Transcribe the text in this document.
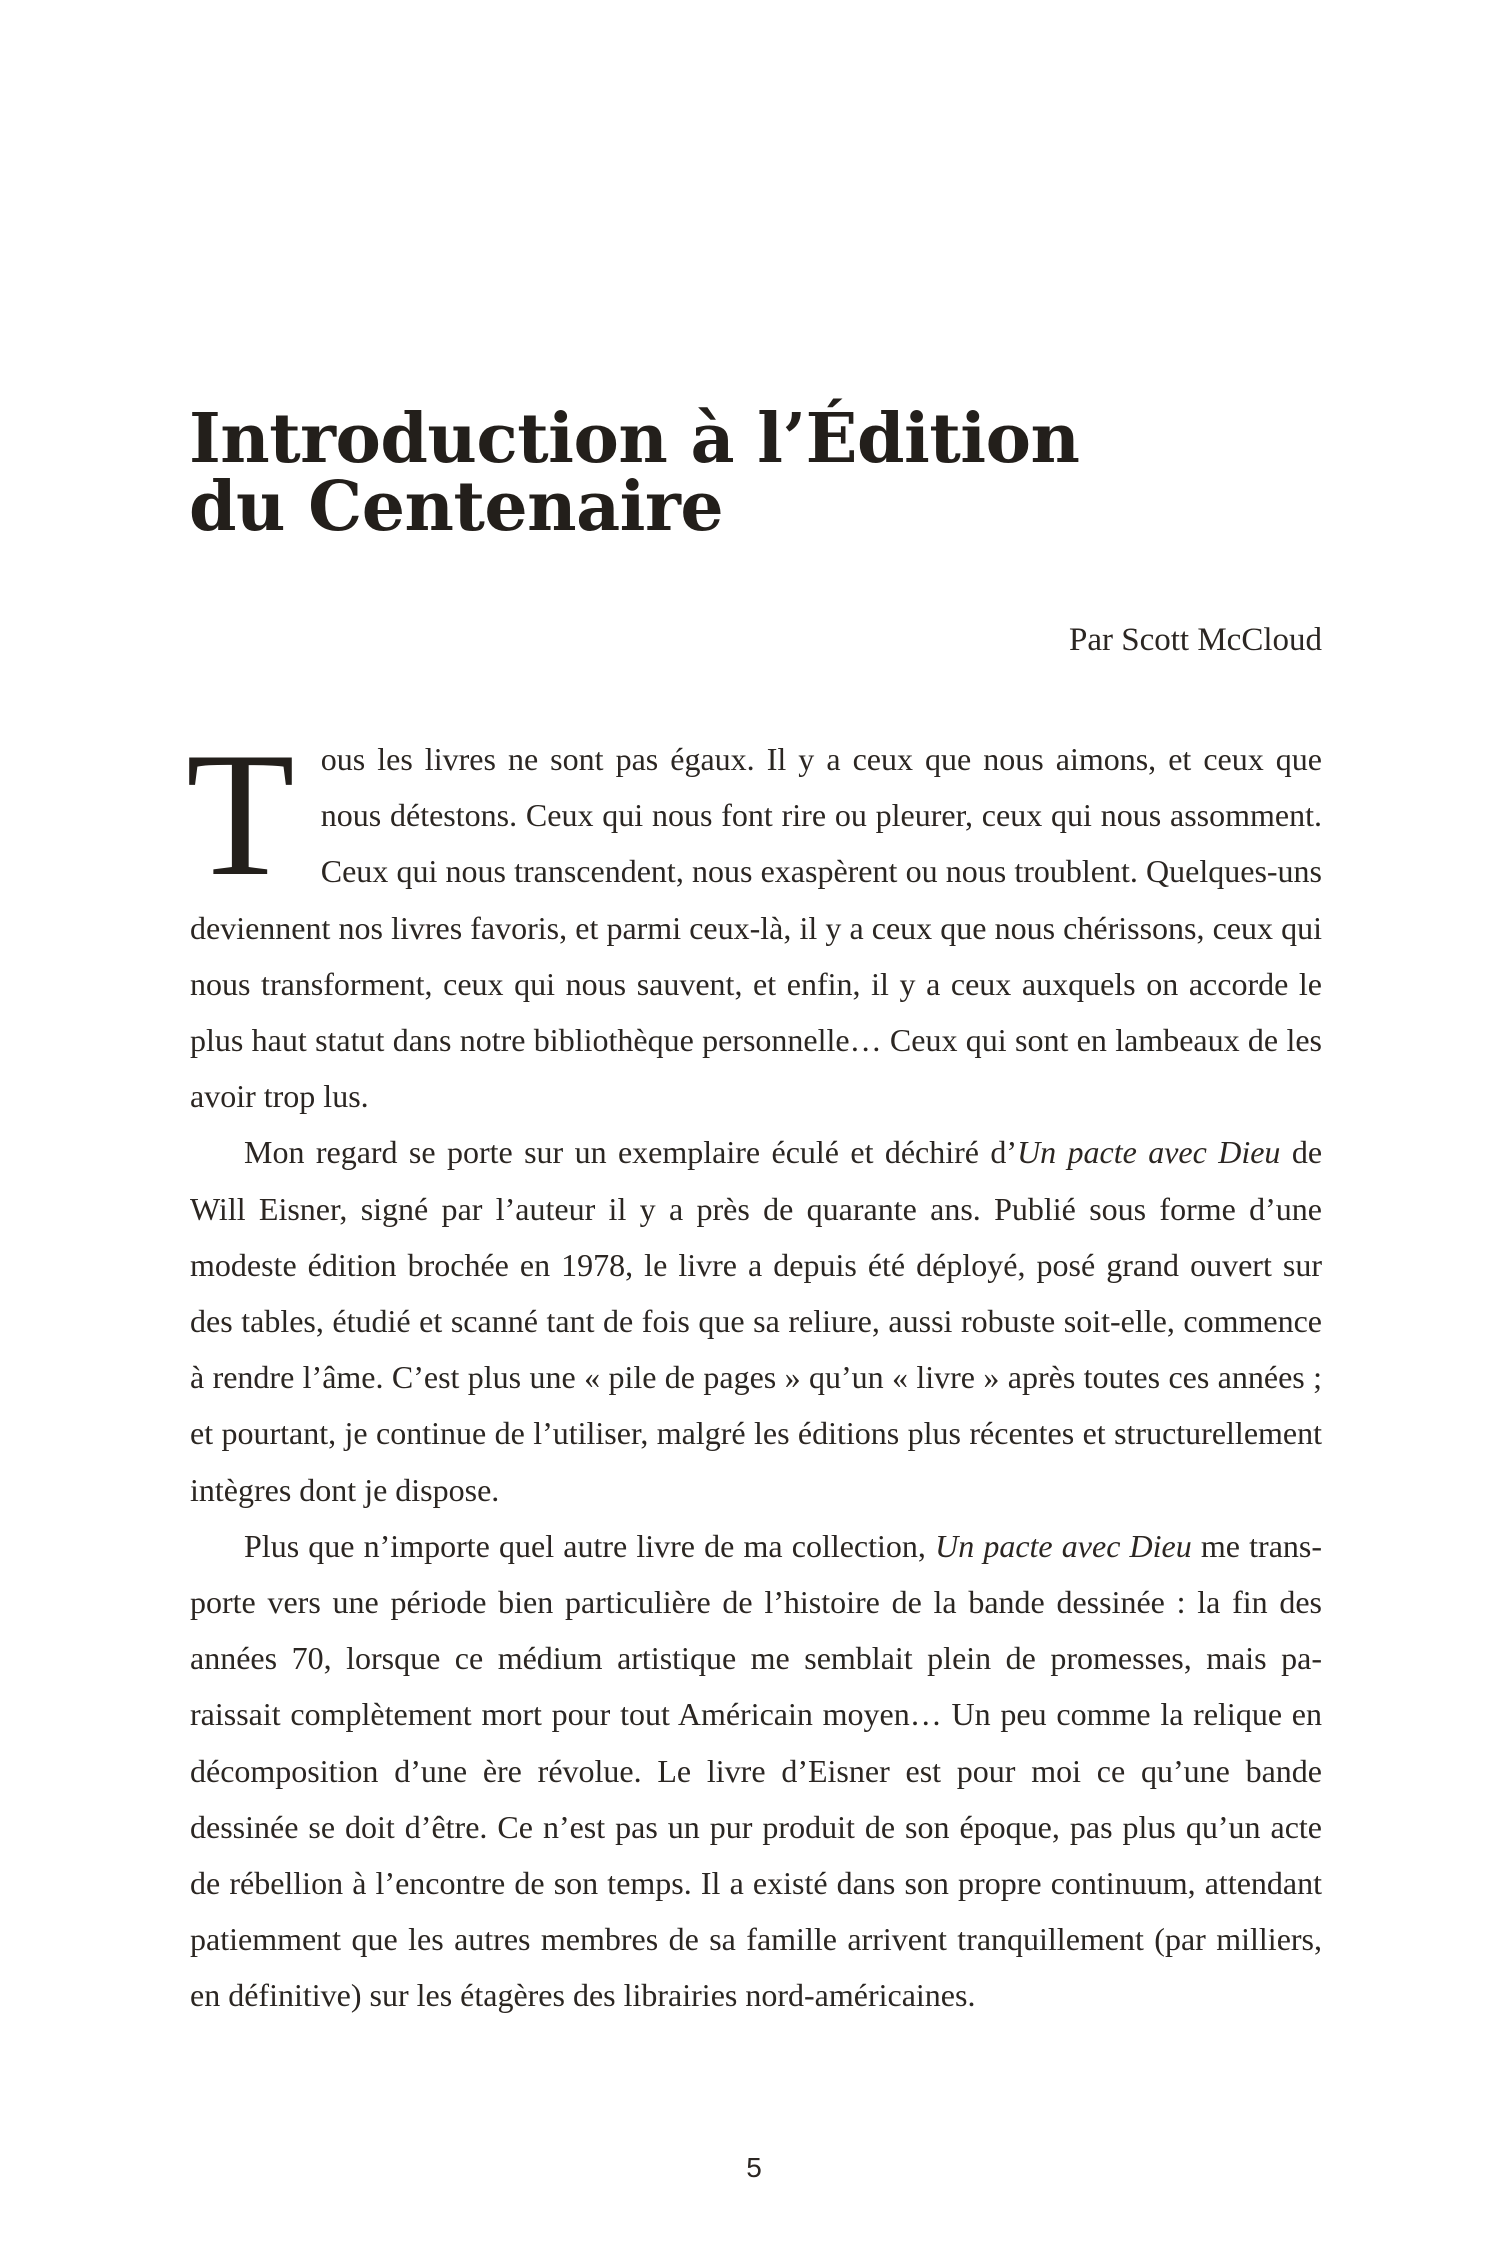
Introduction à l’Édition
du Centenaire
Par Scott McCloud

Tous les livres ne sont pas égaux. Il y a ceux que nous aimons, et ceux que nous détestons. Ceux qui nous font rire ou pleurer, ceux qui nous assomment. Ceux qui nous transcendent, nous exaspèrent ou nous troublent. Quelques-uns deviennent nos livres favoris, et parmi ceux-là, il y a ceux que nous chérissons, ceux qui nous transforment, ceux qui nous sauvent, et enfin, il y a ceux auxquels on accorde le plus haut statut dans notre bibliothèque personnelle… Ceux qui sont en lambeaux de les avoir trop lus.

Mon regard se porte sur un exemplaire éculé et déchiré d’Un pacte avec Dieu de Will Eisner, signé par l’auteur il y a près de quarante ans. Publié sous forme d’une modeste édition brochée en 1978, le livre a depuis été déployé, posé grand ouvert sur des tables, étudié et scanné tant de fois que sa reliure, aussi robuste soit-elle, commence à rendre l’âme. C’est plus une « pile de pages » qu’un « livre » après toutes ces années ; et pourtant, je continue de l’utiliser, malgré les éditions plus récentes et structurellement intègres dont je dispose.

Plus que n’importe quel autre livre de ma collection, Un pacte avec Dieu me transporte vers une période bien particulière de l’histoire de la bande dessinée : la fin des années 70, lorsque ce médium artistique me semblait plein de promesses, mais paraissait complètement mort pour tout Américain moyen… Un peu comme la relique en décomposition d’une ère révolue. Le livre d’Eisner est pour moi ce qu’une bande dessinée se doit d’être. Ce n’est pas un pur produit de son époque, pas plus qu’un acte de rébellion à l’encontre de son temps. Il a existé dans son propre continuum, attendant patiemment que les autres membres de sa famille arrivent tranquillement (par milliers, en définitive) sur les étagères des librairies nord-américaines.

5
